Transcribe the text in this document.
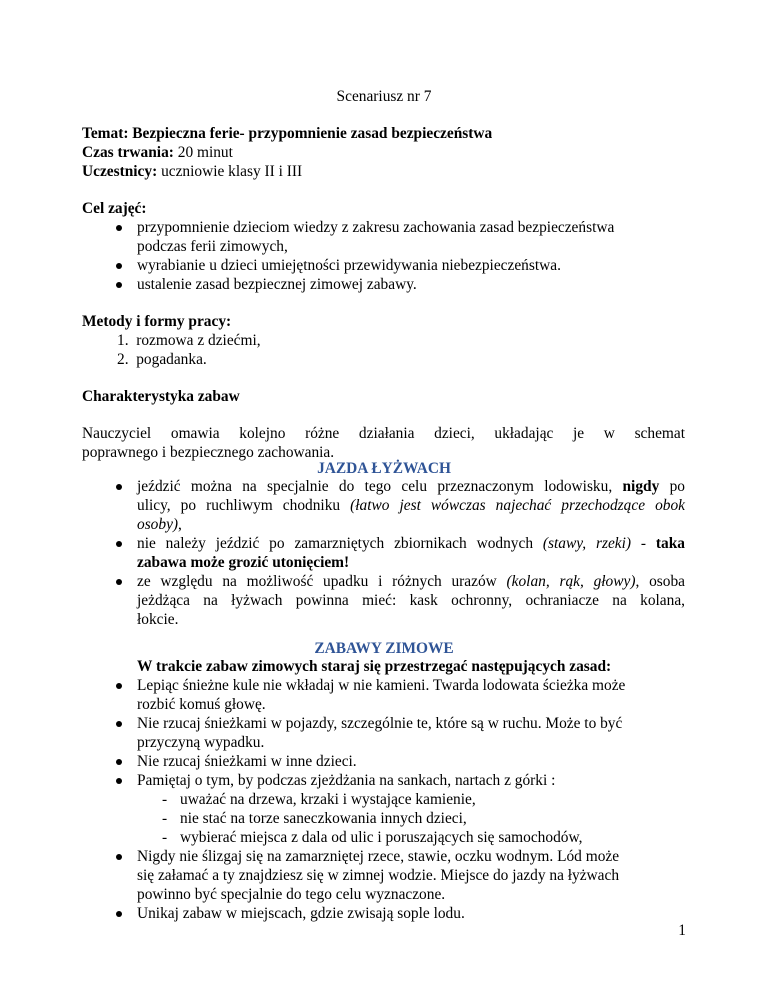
Scenariusz nr 7
Temat: Bezpieczna ferie- przypomnienie zasad bezpieczeństwa
Czas trwania: 20 minut
Uczestnicy: uczniowie klasy II i III
Cel zajęć:
przypomnienie dzieciom wiedzy z zakresu zachowania zasad bezpieczeństwa
podczas ferii zimowych,
wyrabianie u dzieci umiejętności przewidywania niebezpieczeństwa.
ustalenie zasad bezpiecznej zimowej zabawy.
Metody i formy pracy:
1.  rozmowa z dziećmi,
2.  pogadanka.
Charakterystyka zabaw
Nauczyciel omawia kolejno różne działania dzieci, układając je w schemat
poprawnego i bezpiecznego zachowania.
JAZDA ŁYŻWACH
jeździć można na specjalnie do tego celu przeznaczonym lodowisku, nigdy po
ulicy, po ruchliwym chodniku (łatwo jest wówczas najechać przechodzące obok
osoby),
nie należy jeździć po zamarzniętych zbiornikach wodnych (stawy, rzeki) - taka
zabawa może grozić utonięciem!
ze względu na możliwość upadku i różnych urazów (kolan, rąk, głowy), osoba
jeżdżąca na łyżwach powinna mieć: kask ochronny, ochraniacze na kolana,
łokcie.
ZABAWY ZIMOWE
W trakcie zabaw zimowych staraj się przestrzegać następujących zasad:
Lepiąc śnieżne kule nie wkładaj w nie kamieni. Twarda lodowata ścieżka może
rozbić komuś głowę.
Nie rzucaj śnieżkami w pojazdy, szczególnie te, które są w ruchu. Może to być
przyczyną wypadku.
Nie rzucaj śnieżkami w inne dzieci.
Pamiętaj o tym, by podczas zjeżdżania na sankach, nartach z górki :
- uważać na drzewa, krzaki i wystające kamienie,
- nie stać na torze saneczkowania innych dzieci,
- wybierać miejsca z dala od ulic i poruszających się samochodów,
Nigdy nie ślizgaj się na zamarzniętej rzece, stawie, oczku wodnym. Lód może
się załamać a ty znajdziesz się w zimnej wodzie. Miejsce do jazdy na łyżwach
powinno być specjalnie do tego celu wyznaczone.
Unikaj zabaw w miejscach, gdzie zwisają sople lodu.
1
